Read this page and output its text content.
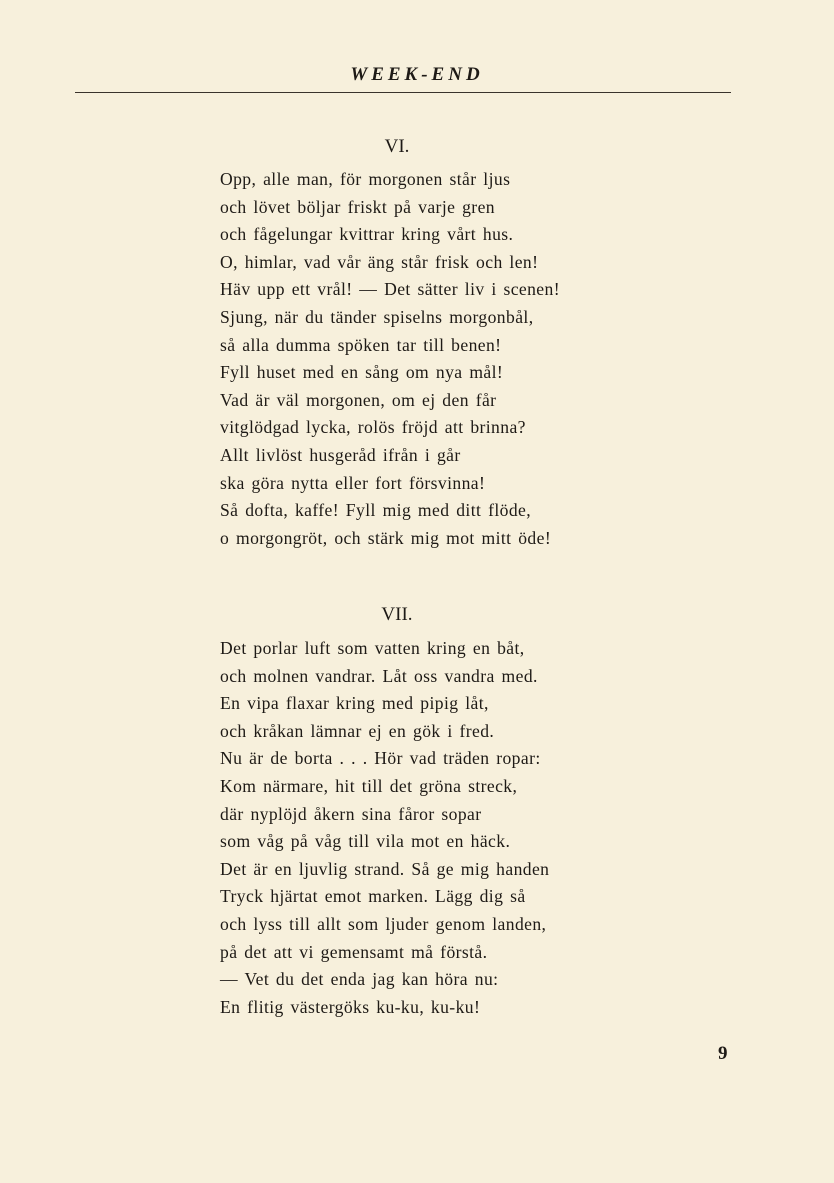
WEEK-END
VI.
Opp, alle man, för morgonen står ljus
och lövet böljar friskt på varje gren
och fågelungar kvittrar kring vårt hus.
O, himlar, vad vår äng står frisk och len!
Häv upp ett vrål! — Det sätter liv i scenen!
Sjung, när du tänder spiselns morgonbål,
så alla dumma spöken tar till benen!
Fyll huset med en sång om nya mål!
Vad är väl morgonen, om ej den får
vitglödgad lycka, rolös fröjd att brinna?
Allt livlöst husgeråd ifrån i går
ska göra nytta eller fort försvinna!
Så dofta, kaffe! Fyll mig med ditt flöde,
o morgongröt, och stärk mig mot mitt öde!
VII.
Det porlar luft som vatten kring en båt,
och molnen vandrar. Låt oss vandra med.
En vipa flaxar kring med pipig låt,
och kråkan lämnar ej en gök i fred.
Nu är de borta . . . Hör vad träden ropar:
Kom närmare, hit till det gröna streck,
där nyplöjd åkern sina fåror sopar
som våg på våg till vila mot en häck.
Det är en ljuvlig strand. Så ge mig handen
Tryck hjärtat emot marken. Lägg dig så
och lyss till allt som ljuder genom landen,
på det att vi gemensamt må förstå.
— Vet du det enda jag kan höra nu:
En flitig västergöks ku-ku, ku-ku!
9
